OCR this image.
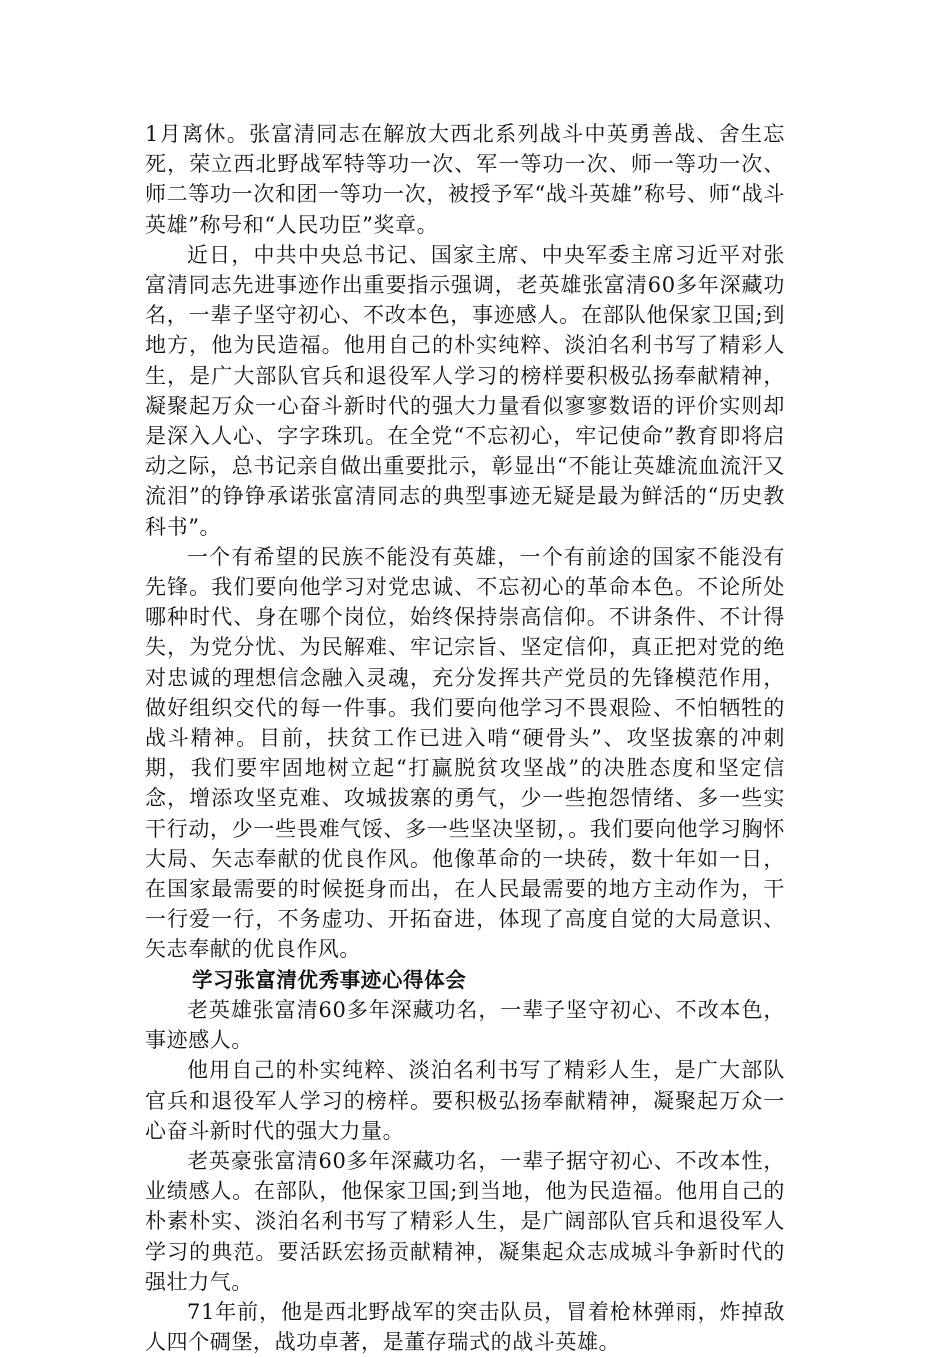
1月离休。张富清同志在解放大西北系列战斗中英勇善战、舍生忘死，荣立西北野战军特等功一次、军一等功一次、师一等功一次、师二等功一次和团一等功一次，被授予军“战斗英雄”称号、师“战斗英雄”称号和“人民功臣”奖章。

近日，中共中央总书记、国家主席、中央军委主席习近平对张富清同志先进事迹作出重要指示强调，老英雄张富清60多年深藏功名，一辈子坚守初心、不改本色，事迹感人。在部队他保家卫国;到地方，他为民造福。他用自己的朴实纯粹、淡泊名利书写了精彩人生，是广大部队官兵和退役军人学习的榜样要积极弘扬奉献精神，凝聚起万众一心奋斗新时代的强大力量看似寥寥数语的评价实则却是深入人心、字字珠玑。在全党“不忘初心，牢记使命”教育即将启动之际，总书记亲自做出重要批示，彰显出“不能让英雄流血流汗又流泪”的铮铮承诺张富清同志的典型事迹无疑是最为鲜活的“历史教科书”。

一个有希望的民族不能没有英雄，一个有前途的国家不能没有先锋。我们要向他学习对党忠诚、不忘初心的革命本色。不论所处哪种时代、身在哪个岗位，始终保持崇高信仰。不讲条件、不计得失，为党分忧、为民解难、牢记宗旨、坚定信仰，真正把对党的绝对忠诚的理想信念融入灵魂，充分发挥共产党员的先锋模范作用，做好组织交代的每一件事。我们要向他学习不畏艰险、不怕牺牲的战斗精神。目前，扶贫工作已进入啃“硬骨头”、攻坚拔寨的冲刺期，我们要牢固地树立起“打赢脱贫攻坚战”的决胜态度和坚定信念，增添攻坚克难、攻城拔寨的勇气，少一些抱怨情绪、多一些实干行动，少一些畏难气馁、多一些坚决坚韧，。我们要向他学习胸怀大局、矢志奉献的优良作风。他像革命的一块砖，数十年如一日，在国家最需要的时候挺身而出，在人民最需要的地方主动作为，干一行爱一行，不务虚功、开拓奋进，体现了高度自觉的大局意识、矢志奉献的优良作风。

学习张富清优秀事迹心得体会

老英雄张富清60多年深藏功名，一辈子坚守初心、不改本色，事迹感人。

他用自己的朴实纯粹、淡泊名利书写了精彩人生，是广大部队官兵和退役军人学习的榜样。要积极弘扬奉献精神，凝聚起万众一心奋斗新时代的强大力量。

老英豪张富清60多年深藏功名，一辈子据守初心、不改本性，业绩感人。在部队，他保家卫国;到当地，他为民造福。他用自己的朴素朴实、淡泊名利书写了精彩人生，是广阔部队官兵和退役军人学习的典范。要活跃宏扬贡献精神，凝集起众志成城斗争新时代的强壮力气。

71年前，他是西北野战军的突击队员，冒着枪林弹雨，炸掉敌人四个碉堡，战功卓著，是董存瑞式的战斗英雄。
